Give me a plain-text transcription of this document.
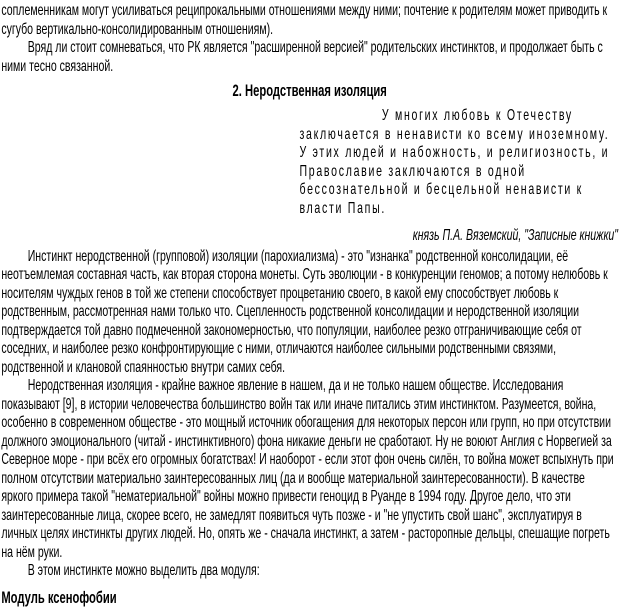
соплеменникам могут усиливаться реципрокальными отношениями между ними; почтение к родителям может приводить к сугубо вертикально-консолидированным отношениям).

Вряд ли стоит сомневаться, что РК является "расширенной версией" родительских инстинктов, и продолжает быть с ними тесно связанной.

2. Неродственная изоляция

У многих любовь к Отечеству заключается в ненависти ко всему иноземному. У этих людей и набожность, и религиозность, и Православие заключаются в одной бессознательной и бесцельной ненависти к власти Папы.

князь П.А. Вяземский, "Записные книжки"

Инстинкт неродственной (групповой) изоляции (парохиализма) - это "изнанка" родственной консолидации, её неотъемлемая составная часть, как вторая сторона монеты. Суть эволюции - в конкуренции геномов; а потому нелюбовь к носителям чуждых генов в той же степени способствует процветанию своего, в какой ему способствует любовь к родственным, рассмотренная нами только что. Сцепленность родственной консолидации и неродственной изоляции подтверждается той давно подмеченной закономерностью, что популяции, наиболее резко отграничивающие себя от соседних, и наиболее резко конфронтирующие с ними, отличаются наиболее сильными родственными связями, родственной и клановой спаянностью внутри самих себя.

Неродственная изоляция - крайне важное явление в нашем, да и не только нашем обществе. Исследования показывают [9], в истории человечества большинство войн так или иначе питались этим инстинктом. Разумеется, война, особенно в современном обществе - это мощный источник обогащения для некоторых персон или групп, но при отсутствии должного эмоционального (читай - инстинктивного) фона никакие деньги не сработают. Ну не воюют Англия с Норвегией за Северное море - при всёх его огромных богатствах! И наоборот - если этот фон очень силён, то война может вспыхнуть при полном отсутствии материально заинтересованных лиц (да и вообще материальной заинтересованности). В качестве яркого примера такой "нематериальной" войны можно привести геноцид в Руанде в 1994 году. Другое дело, что эти заинтересованные лица, скорее всего, не замедлят появиться чуть позже - и "не упустить свой шанс", эксплуатируя в личных целях инстинкты других людей. Но, опять же - сначала инстинкт, а затем - расторопные дельцы, спешащие погреть на нём руки.

В этом инстинкте можно выделить два модуля:

Модуль ксенофобии
